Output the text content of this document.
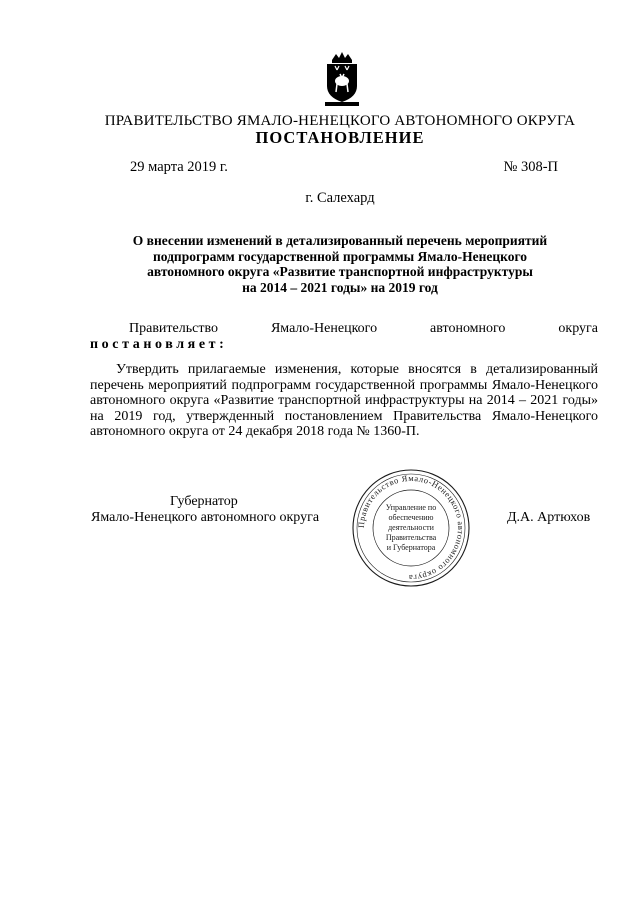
ПРАВИТЕЛЬСТВО ЯМАЛО-НЕНЕЦКОГО АВТОНОМНОГО ОКРУГА
ПОСТАНОВЛЕНИЕ
29 марта 2019 г.	№ 308-П
г. Салехард
О внесении изменений в детализированный перечень мероприятий
подпрограмм государственной программы Ямало-Ненецкого
автономного округа «Развитие транспортной инфраструктуры
на 2014 – 2021 годы» на 2019 год
Правительство	Ямало-Ненецкого	автономного	округа
постановляет:
Утвердить прилагаемые изменения, которые вносятся в детализированный перечень мероприятий подпрограмм государственной программы Ямало-Ненецкого автономного округа «Развитие транспортной инфраструктуры на 2014 – 2021 годы» на 2019 год, утвержденный постановлением Правительства Ямало-Ненецкого автономного округа от 24 декабря 2018 года № 1360-П.
Губернатор
Ямало-Ненецкого автономного округа	Д.А. Артюхов
Правительство Ямало-Ненецкого автономного округа
Управление по
обеспечению
деятельности
Правительства
и Губернатора
